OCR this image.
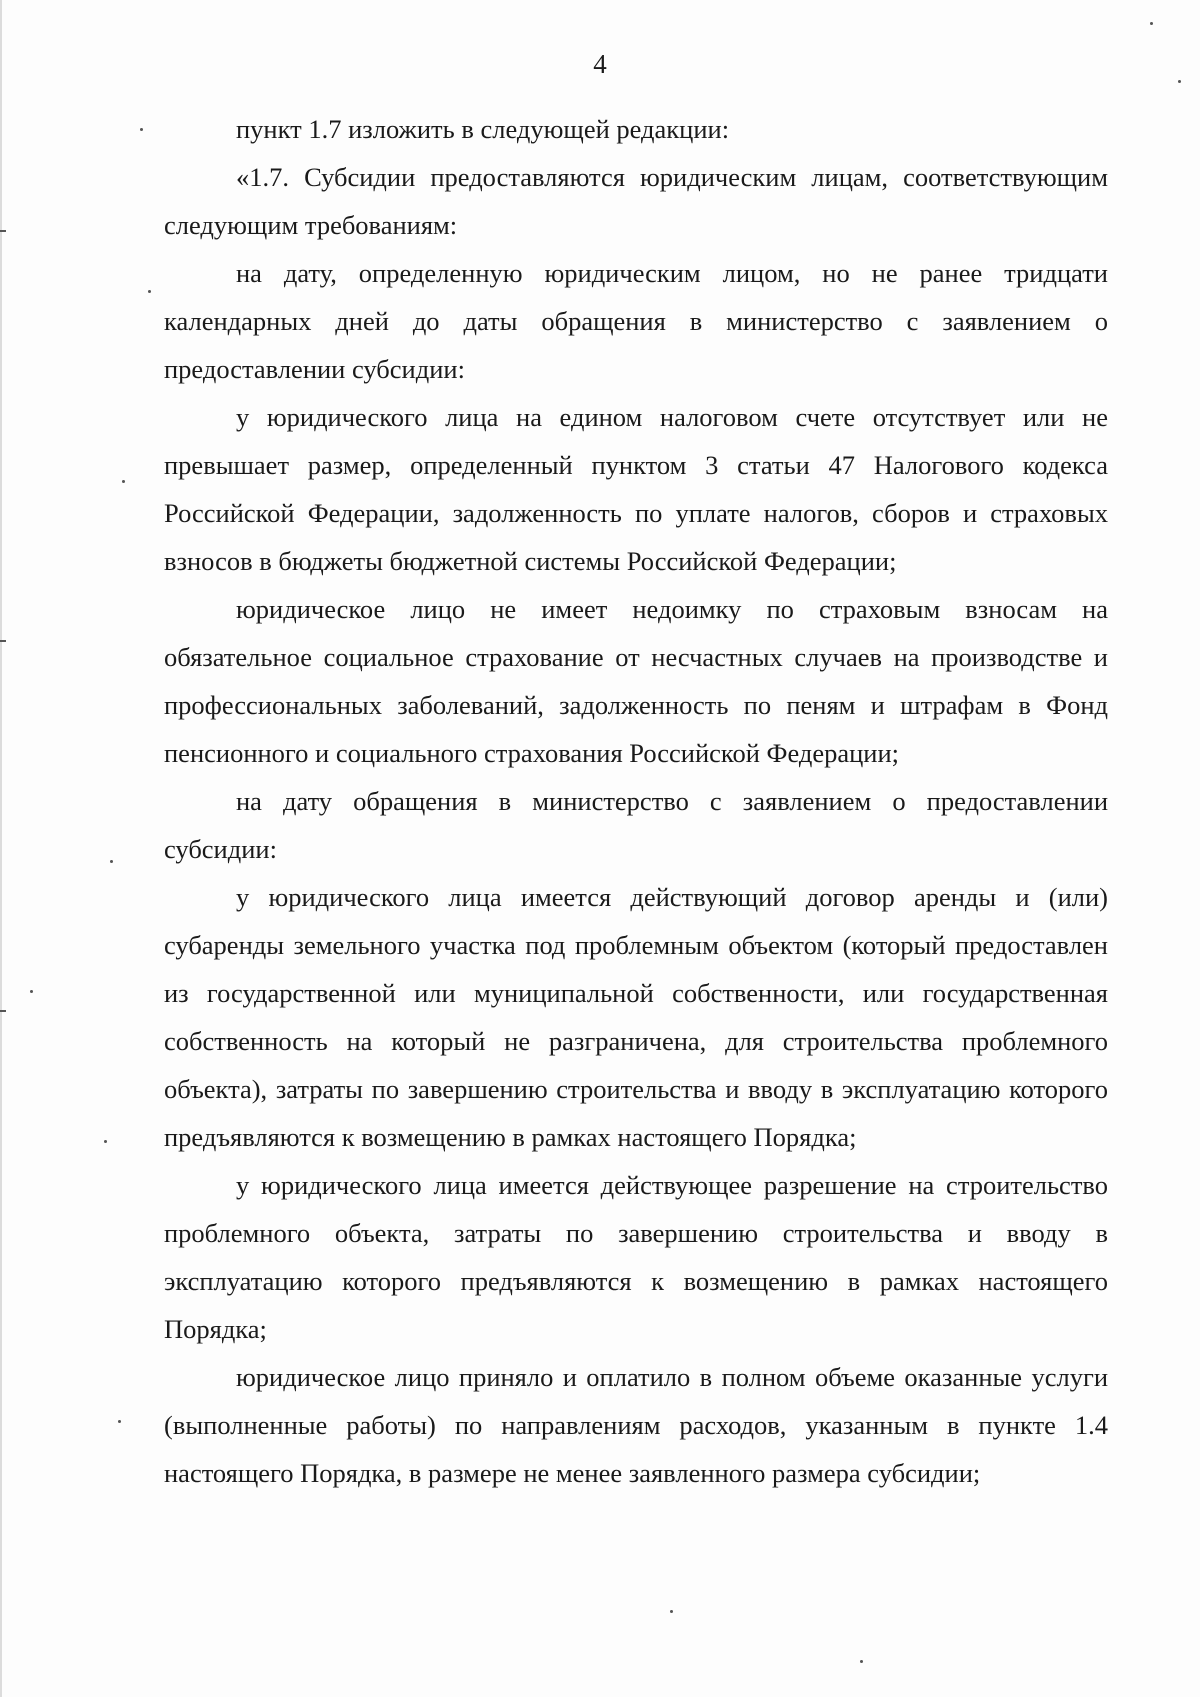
4

пункт 1.7 изложить в следующей редакции:

«1.7. Субсидии предоставляются юридическим лицам, соответствующим следующим требованиям:

на дату, определенную юридическим лицом, но не ранее тридцати календарных дней до даты обращения в министерство с заявлением о предоставлении субсидии:

у юридического лица на едином налоговом счете отсутствует или не превышает размер, определенный пунктом 3 статьи 47 Налогового кодекса Российской Федерации, задолженность по уплате налогов, сборов и страховых взносов в бюджеты бюджетной системы Российской Федерации;

юридическое лицо не имеет недоимку по страховым взносам на обязательное социальное страхование от несчастных случаев на производстве и профессиональных заболеваний, задолженность по пеням и штрафам в Фонд пенсионного и социального страхования Российской Федерации;

на дату обращения в министерство с заявлением о предоставлении субсидии:

у юридического лица имеется действующий договор аренды и (или) субаренды земельного участка под проблемным объектом (который предоставлен из государственной или муниципальной собственности, или государственная собственность на который не разграничена, для строительства проблемного объекта), затраты по завершению строительства и вводу в эксплуатацию которого предъявляются к возмещению в рамках настоящего Порядка;

у юридического лица имеется действующее разрешение на строительство проблемного объекта, затраты по завершению строительства и вводу в эксплуатацию которого предъявляются к возмещению в рамках настоящего Порядка;

юридическое лицо приняло и оплатило в полном объеме оказанные услуги (выполненные работы) по направлениям расходов, указанным в пункте 1.4 настоящего Порядка, в размере не менее заявленного размера субсидии;
